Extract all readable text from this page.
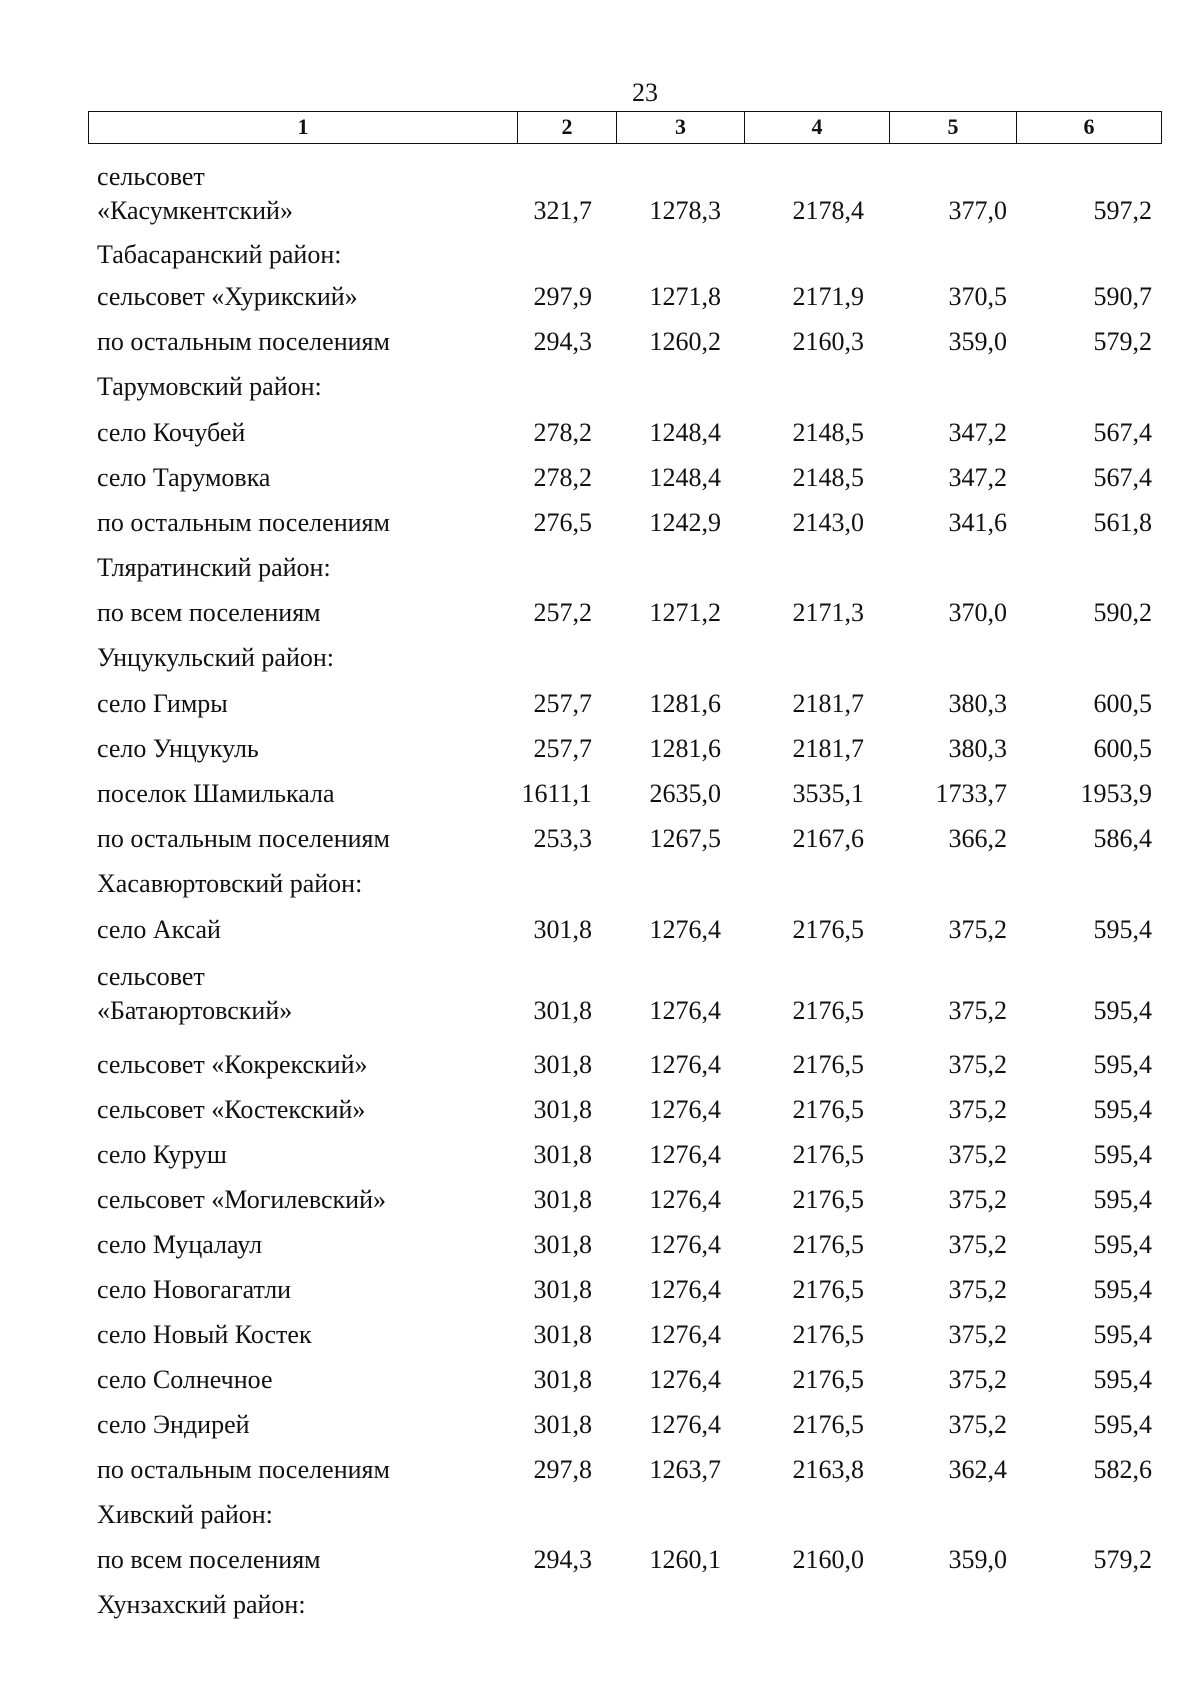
23
1	2	3	4	5	6
сельсовет
«Касумкентский»	321,7 1278,3	2178,4	377,0	597,2
Табасаранский район:
сельсовет «Хурикский»	297,9 1271,8	2171,9	370,5	590,7
по остальным поселениям	294,3 1260,2	2160,3	359,0	579,2
Тарумовский район:
село Кочубей	278,2 1248,4	2148,5	347,2	567,4
село Тарумовка	278,2 1248,4	2148,5	347,2	567,4
по остальным поселениям	276,5 1242,9	2143,0	341,6	561,8
Тляратинский район:
по всем поселениям	257,2 1271,2	2171,3	370,0	590,2
Унцукульский район:
село Гимры	257,7 1281,6	2181,7	380,3	600,5
село Унцукуль	257,7 1281,6	2181,7	380,3	600,5
поселок Шамилькала	1611,1 2635,0	3535,1	1733,7	1953,9
по остальным поселениям	253,3 1267,5	2167,6	366,2	586,4
Хасавюртовский район:
село Аксай	301,8 1276,4	2176,5	375,2	595,4
сельсовет
«Батаюртовский»	301,8 1276,4	2176,5	375,2	595,4
сельсовет «Кокрекский»	301,8 1276,4	2176,5	375,2	595,4
сельсовет «Костекский»	301,8 1276,4	2176,5	375,2	595,4
село Куруш	301,8 1276,4	2176,5	375,2	595,4
сельсовет «Могилевский»	301,8 1276,4	2176,5	375,2	595,4
село Муцалаул	301,8 1276,4	2176,5	375,2	595,4
село Новогагатли	301,8 1276,4	2176,5	375,2	595,4
село Новый Костек	301,8 1276,4	2176,5	375,2	595,4
село Солнечное	301,8 1276,4	2176,5	375,2	595,4
село Эндирей	301,8 1276,4	2176,5	375,2	595,4
по остальным поселениям	297,8 1263,7	2163,8	362,4	582,6
Хивский район:
по всем поселениям	294,3 1260,1	2160,0	359,0	579,2
Хунзахский район:
